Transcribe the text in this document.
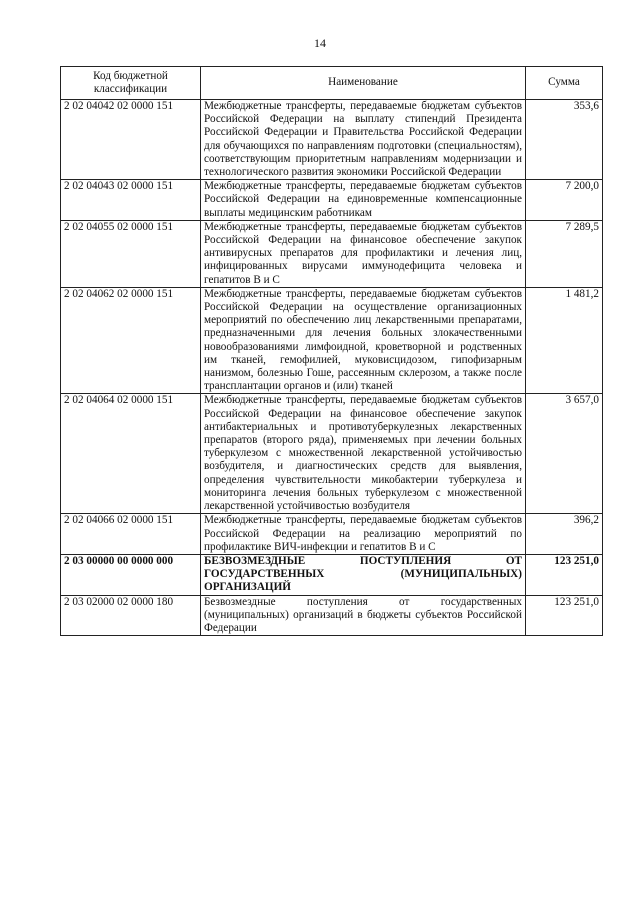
14
Код бюджетной классификации	Наименование	Сумма
2 02 04042 02 0000 151	Межбюджетные трансферты, передаваемые бюджетам субъектов Российской Федерации на выплату стипендий Президента Российской Федерации и Правительства Российской Федерации для обучающихся по направлениям подготовки (специальностям), соответствующим приоритетным направлениям модернизации и технологического развития экономики Российской Федерации	353,6
2 02 04043 02 0000 151	Межбюджетные трансферты, передаваемые бюджетам субъектов Российской Федерации на единовременные компенсационные выплаты медицинским работникам	7 200,0
2 02 04055 02 0000 151	Межбюджетные трансферты, передаваемые бюджетам субъектов Российской Федерации на финансовое обеспечение закупок антивирусных препаратов для профилактики и лечения лиц, инфицированных вирусами иммунодефицита человека и гепатитов B и C	7 289,5
2 02 04062 02 0000 151	Межбюджетные трансферты, передаваемые бюджетам субъектов Российской Федерации на осуществление организационных мероприятий по обеспечению лиц лекарственными препаратами, предназначенными для лечения больных злокачественными новообразованиями лимфоидной, кроветворной и родственных им тканей, гемофилией, муковисцидозом, гипофизарным нанизмом, болезнью Гоше, рассеянным склерозом, а также после трансплантации органов и (или) тканей	1 481,2
2 02 04064 02 0000 151	Межбюджетные трансферты, передаваемые бюджетам субъектов Российской Федерации на финансовое обеспечение закупок антибактериальных и противотуберкулезных лекарственных препаратов (второго ряда), применяемых при лечении больных туберкулезом с множественной лекарственной устойчивостью возбудителя, и диагностических средств для выявления, определения чувствительности микобактерии туберкулеза и мониторинга лечения больных туберкулезом с множественной лекарственной устойчивостью возбудителя	3 657,0
2 02 04066 02 0000 151	Межбюджетные трансферты, передаваемые бюджетам субъектов Российской Федерации на реализацию мероприятий по профилактике ВИЧ-инфекции и гепатитов B и C	396,2
2 03 00000 00 0000 000	БЕЗВОЗМЕЗДНЫЕ ПОСТУПЛЕНИЯ ОТ ГОСУДАРСТВЕННЫХ (МУНИЦИПАЛЬНЫХ) ОРГАНИЗАЦИЙ	123 251,0
2 03 02000 02 0000 180	Безвозмездные поступления от государственных (муниципальных) организаций в бюджеты субъектов Российской Федерации	123 251,0
